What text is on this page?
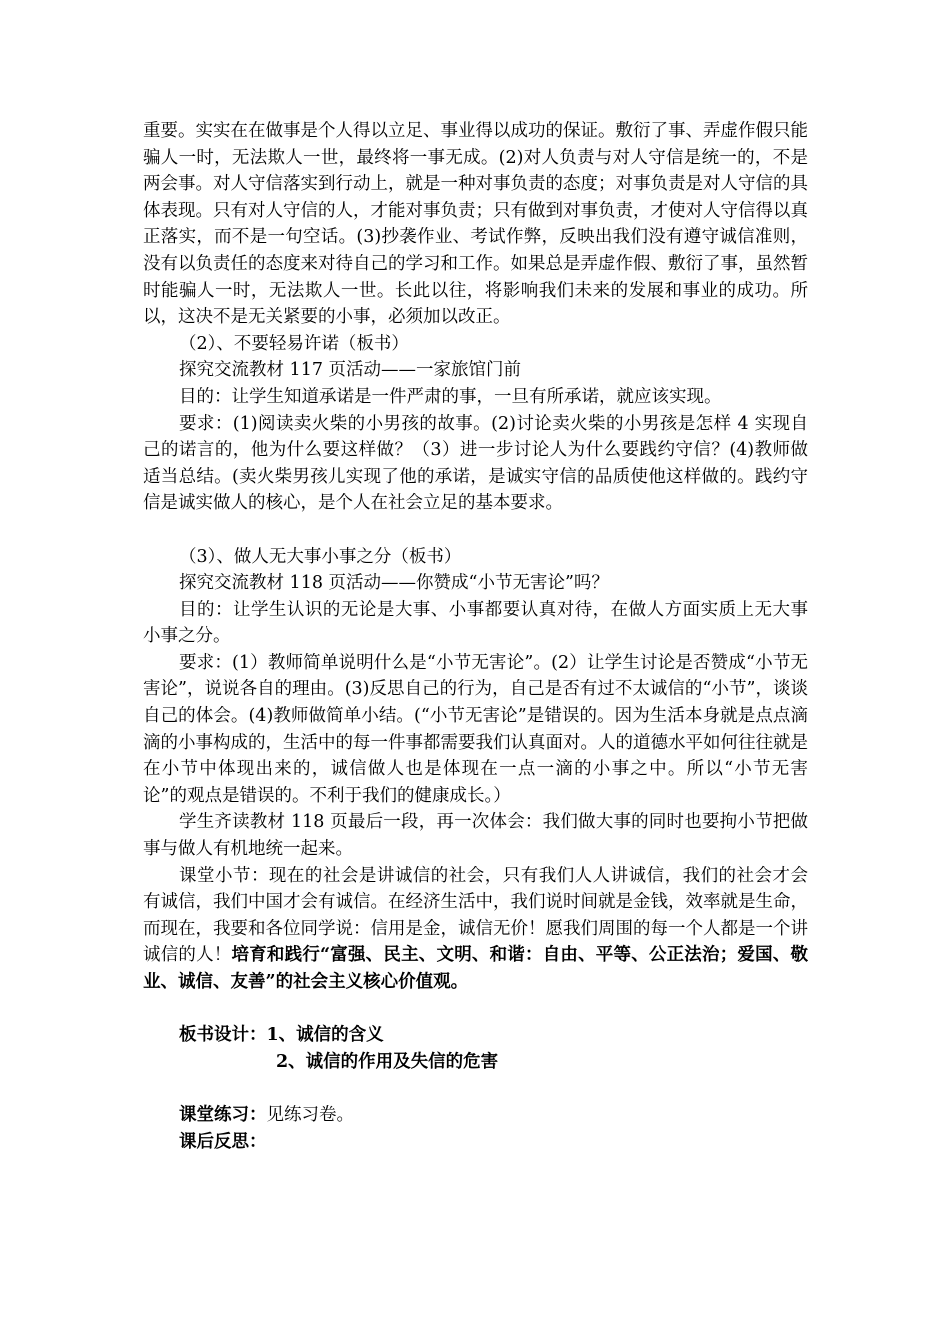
重要。实实在在做事是个人得以立足、事业得以成功的保证。敷衍了事、弄虚作假只能骗人一时，无法欺人一世，最终将一事无成。(2)对人负责与对人守信是统一的，不是两会事。对人守信落实到行动上，就是一种对事负责的态度；对事负责是对人守信的具体表现。只有对人守信的人，才能对事负责；只有做到对事负责，才使对人守信得以真正落实，而不是一句空话。(3)抄袭作业、考试作弊，反映出我们没有遵守诚信准则，没有以负责任的态度来对待自己的学习和工作。如果总是弄虚作假、敷衍了事，虽然暂时能骗人一时，无法欺人一世。长此以往，将影响我们未来的发展和事业的成功。所以，这决不是无关紧要的小事，必须加以改正。

（2）、不要轻易许诺（板书）

探究交流教材 117 页活动——一家旅馆门前

目的：让学生知道承诺是一件严肃的事，一旦有所承诺，就应该实现。

要求：(1)阅读卖火柴的小男孩的故事。(2)讨论卖火柴的小男孩是怎样 4 实现自己的诺言的，他为什么要这样做？（3）进一步讨论人为什么要践约守信？(4)教师做适当总结。(卖火柴男孩儿实现了他的承诺，是诚实守信的品质使他这样做的。践约守信是诚实做人的核心，是个人在社会立足的基本要求。

（3）、做人无大事小事之分（板书）

探究交流教材 118 页活动——你赞成“小节无害论”吗？

目的：让学生认识的无论是大事、小事都要认真对待，在做人方面实质上无大事小事之分。

要求：(1）教师简单说明什么是“小节无害论”。(2）让学生讨论是否赞成“小节无害论”，说说各自的理由。(3)反思自己的行为，自己是否有过不太诚信的“小节”，谈谈自己的体会。(4)教师做简单小结。(“小节无害论”是错误的。因为生活本身就是点点滴滴的小事构成的，生活中的每一件事都需要我们认真面对。人的道德水平如何往往就是在小节中体现出来的，诚信做人也是体现在一点一滴的小事之中。所以“小节无害论”的观点是错误的。不利于我们的健康成长。）

学生齐读教材 118 页最后一段，再一次体会：我们做大事的同时也要拘小节把做事与做人有机地统一起来。

课堂小节：现在的社会是讲诚信的社会，只有我们人人讲诚信，我们的社会才会有诚信，我们中国才会有诚信。在经济生活中，我们说时间就是金钱，效率就是生命，而现在，我要和各位同学说：信用是金，诚信无价！愿我们周围的每一个人都是一个讲诚信的人！培育和践行“富强、民主、文明、和谐：自由、平等、公正法治；爱国、敬业、诚信、友善”的社会主义核心价值观。

板书设计：1、诚信的含义

2、诚信的作用及失信的危害

课堂练习：见练习卷。

课后反思：
